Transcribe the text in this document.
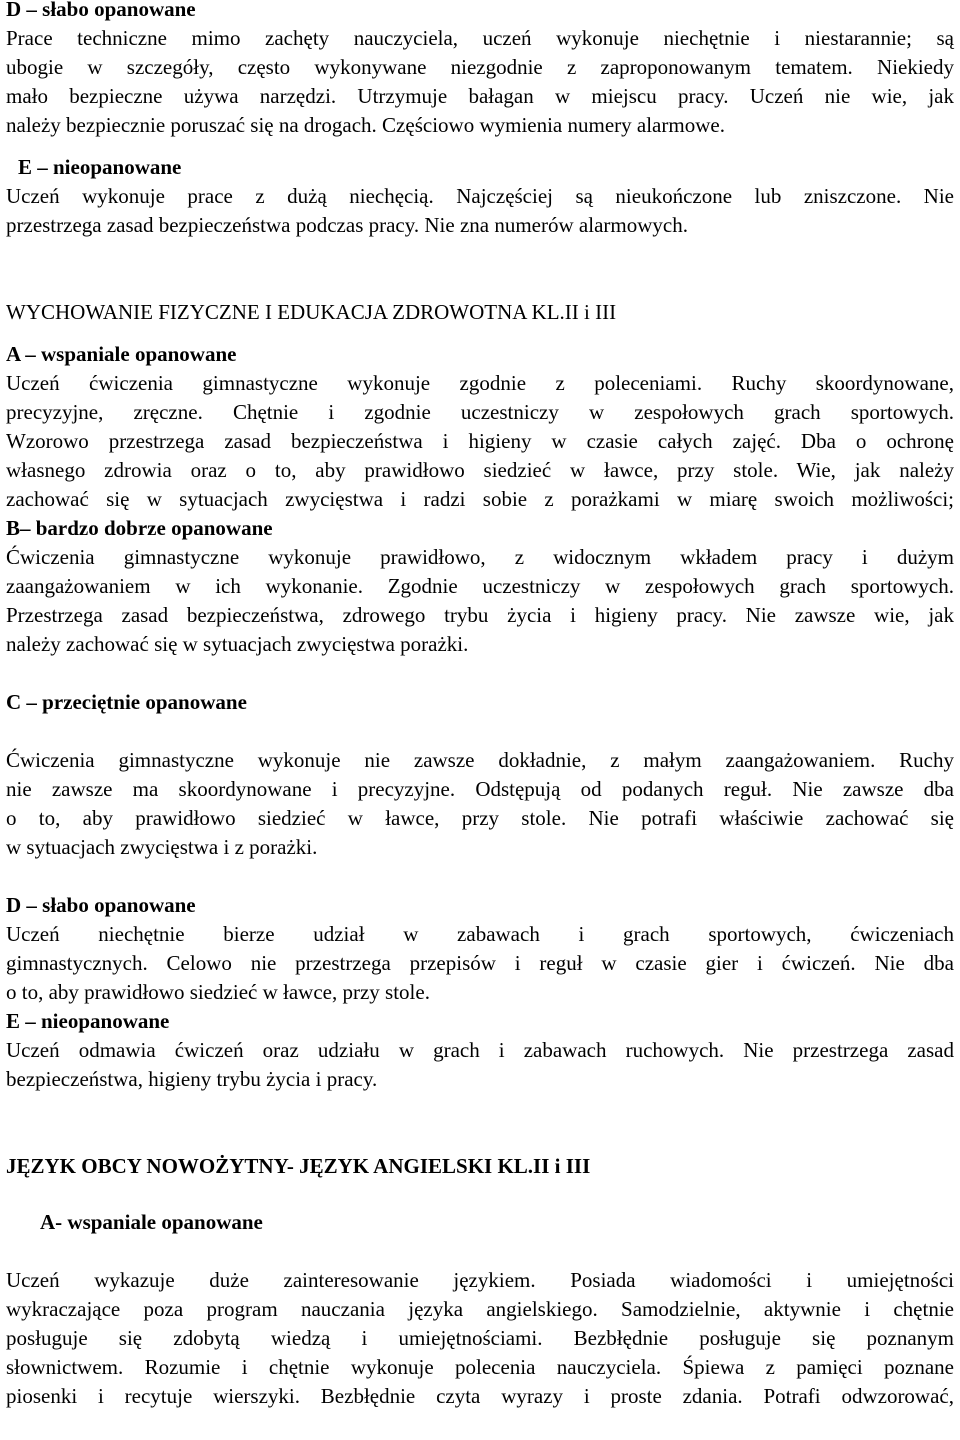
D – słabo opanowane

Prace techniczne mimo zachęty nauczyciela, uczeń wykonuje niechętnie i niestarannie; są

ubogie w szczegóły, często wykonywane niezgodnie z zaproponowanym tematem. Niekiedy

mało bezpieczne używa narzędzi. Utrzymuje bałagan w miejscu pracy. Uczeń nie wie, jak

należy bezpiecznie poruszać się na drogach. Częściowo wymienia numery alarmowe.

E – nieopanowane

Uczeń wykonuje prace z dużą niechęcią. Najczęściej są nieukończone lub zniszczone. Nie

przestrzega zasad bezpieczeństwa podczas pracy. Nie zna numerów alarmowych.

WYCHOWANIE FIZYCZNE I EDUKACJA ZDROWOTNA KL.II i III

A – wspaniale opanowane

Uczeń ćwiczenia gimnastyczne wykonuje zgodnie z poleceniami. Ruchy skoordynowane,

precyzyjne, zręczne. Chętnie i zgodnie uczestniczy w zespołowych grach sportowych.

Wzorowo przestrzega zasad bezpieczeństwa i higieny w czasie całych zajęć. Dba o ochronę

własnego zdrowia oraz o to, aby prawidłowo siedzieć w ławce, przy stole. Wie, jak należy

zachować się w sytuacjach zwycięstwa i radzi sobie z porażkami w miarę swoich możliwości;

B– bardzo dobrze opanowane

Ćwiczenia gimnastyczne wykonuje prawidłowo, z widocznym wkładem pracy i dużym

zaangażowaniem w ich wykonanie. Zgodnie uczestniczy w zespołowych grach sportowych.

Przestrzega zasad bezpieczeństwa, zdrowego trybu życia i higieny pracy. Nie zawsze wie, jak

należy zachować się w sytuacjach zwycięstwa porażki.

C – przeciętnie opanowane

Ćwiczenia gimnastyczne wykonuje nie zawsze dokładnie, z małym zaangażowaniem. Ruchy

nie zawsze ma skoordynowane i precyzyjne. Odstępują od podanych reguł. Nie zawsze dba

o to, aby prawidłowo siedzieć w ławce, przy stole. Nie potrafi właściwie zachować się

w sytuacjach zwycięstwa i z porażki.

D – słabo opanowane

Uczeń niechętnie bierze udział w zabawach i grach sportowych, ćwiczeniach

gimnastycznych. Celowo nie przestrzega przepisów i reguł w czasie gier i ćwiczeń. Nie dba

o to, aby prawidłowo siedzieć w ławce, przy stole.

E – nieopanowane

Uczeń odmawia ćwiczeń oraz udziału w grach i zabawach ruchowych. Nie przestrzega zasad

bezpieczeństwa, higieny trybu życia i pracy.

JĘZYK OBCY NOWOŻYTNY- JĘZYK ANGIELSKI KL.II i III

A- wspaniale opanowane

Uczeń wykazuje duże zainteresowanie językiem. Posiada wiadomości i umiejętności

wykraczające poza program nauczania języka angielskiego. Samodzielnie, aktywnie i chętnie

posługuje się zdobytą wiedzą i umiejętnościami. Bezbłędnie posługuje się poznanym

słownictwem. Rozumie i chętnie wykonuje polecenia nauczyciela. Śpiewa z pamięci poznane

piosenki i recytuje wierszyki. Bezbłędnie czyta wyrazy i proste zdania. Potrafi odwzorować,
